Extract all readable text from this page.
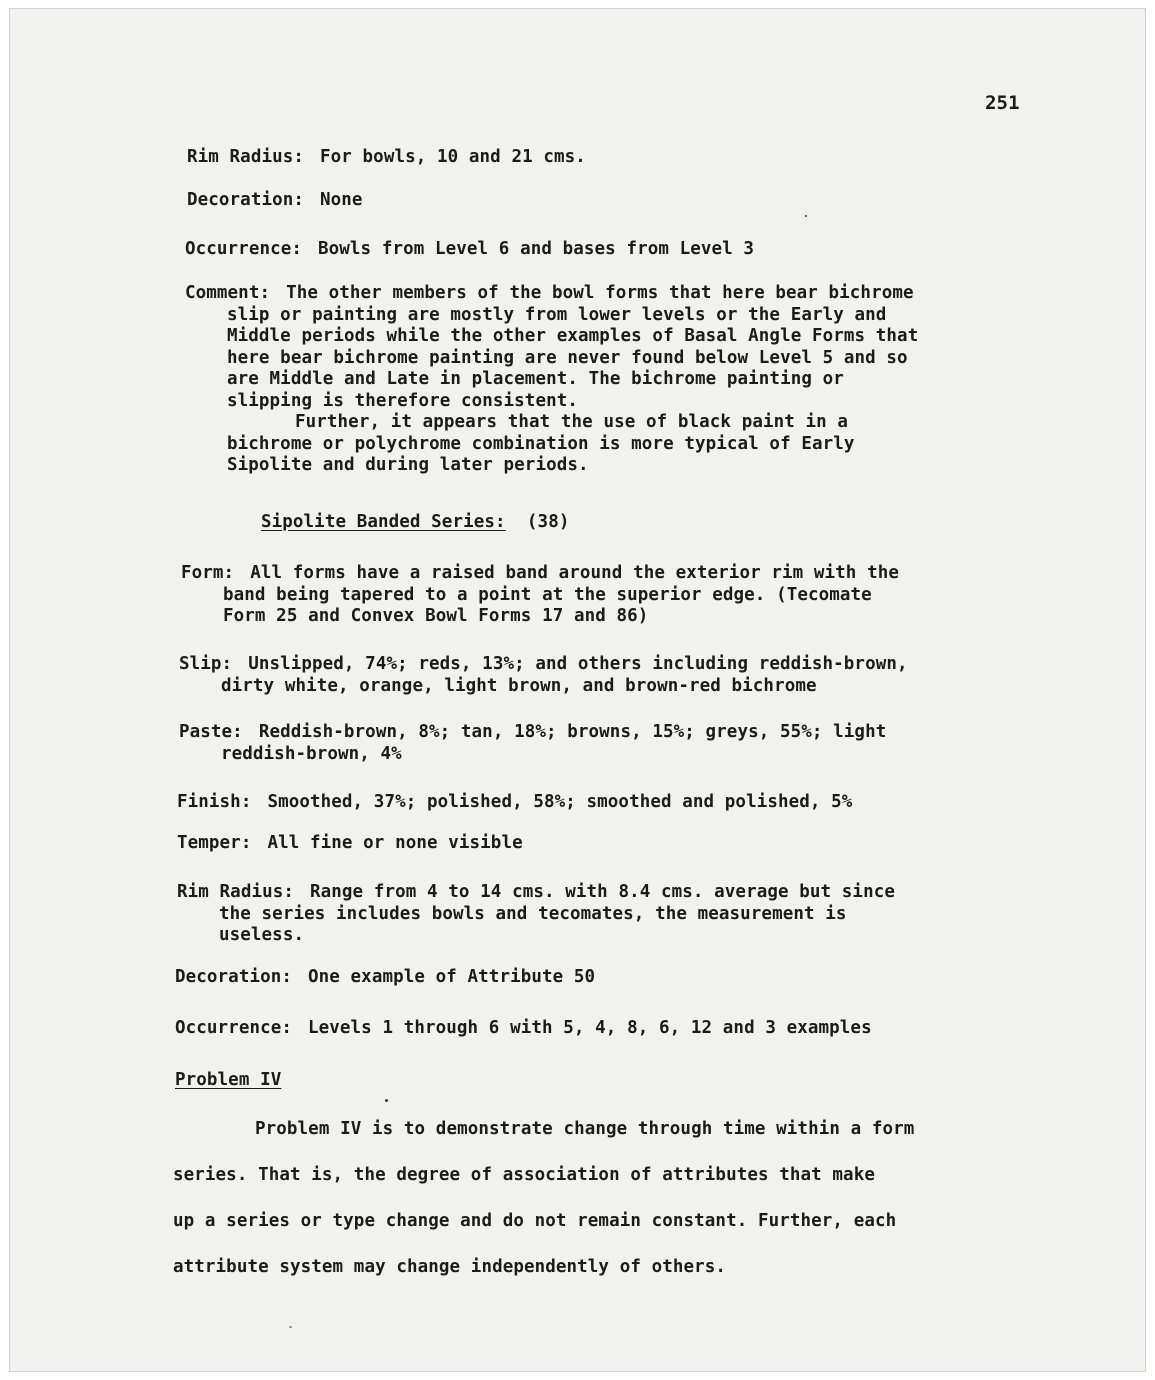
251
Rim Radius: For bowls, 10 and 21 cms.
Decoration: None
Occurrence: Bowls from Level 6 and bases from Level 3
Comment: The other members of the bowl forms that here bear bichrome
slip or painting are mostly from lower levels or the Early and
Middle periods while the other examples of Basal Angle Forms that
here bear bichrome painting are never found below Level 5 and so
are Middle and Late in placement. The bichrome painting or
slipping is therefore consistent.
Further, it appears that the use of black paint in a
bichrome or polychrome combination is more typical of Early
Sipolite and during later periods.
Sipolite Banded Series: (38)
Form: All forms have a raised band around the exterior rim with the
band being tapered to a point at the superior edge. (Tecomate
Form 25 and Convex Bowl Forms 17 and 86)
Slip: Unslipped, 74%; reds, 13%; and others including reddish-brown,
dirty white, orange, light brown, and brown-red bichrome
Paste: Reddish-brown, 8%; tan, 18%; browns, 15%; greys, 55%; light
reddish-brown, 4%
Finish: Smoothed, 37%; polished, 58%; smoothed and polished, 5%
Temper: All fine or none visible
Rim Radius: Range from 4 to 14 cms. with 8.4 cms. average but since
the series includes bowls and tecomates, the measurement is
useless.
Decoration: One example of Attribute 50
Occurrence: Levels 1 through 6 with 5, 4, 8, 6, 12 and 3 examples
Problem IV
Problem IV is to demonstrate change through time within a form
series. That is, the degree of association of attributes that make
up a series or type change and do not remain constant. Further, each
attribute system may change independently of others.
